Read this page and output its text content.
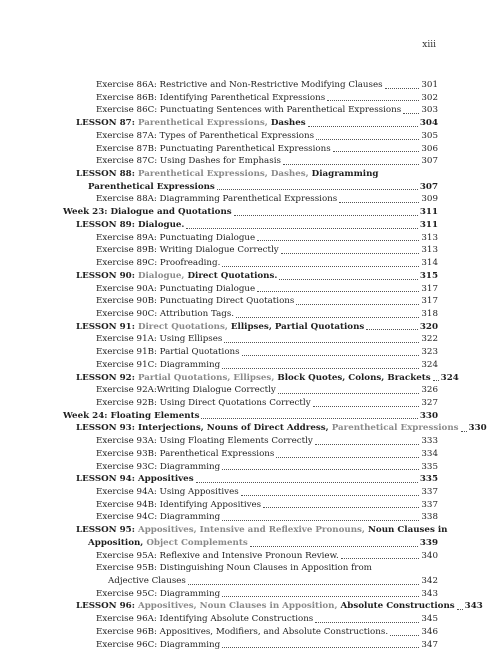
xiii
Exercise 86A: Restrictive and Non-Restrictive Modifying Clauses	301
Exercise 86B: Identifying Parenthetical Expressions	302
Exercise 86C: Punctuating Sentences with Parenthetical Expressions 303
LESSON 87: Parenthetical Expressions, Dashes	304
Exercise 87A: Types of Parenthetical Expressions	305
Exercise 87B: Punctuating Parenthetical Expressions	306
Exercise 87C: Using Dashes for Emphasis	307
LESSON 88: Parenthetical Expressions, Dashes, Diagramming
Parenthetical Expressions	307
Exercise 88A: Diagramming Parenthetical Expressions	309
Week 23: Dialogue and Quotations	311
LESSON 89: Dialogue.	311
Exercise 89A: Punctuating Dialogue	313
Exercise 89B: Writing Dialogue Correctly	313
Exercise 89C: Proofreading.	314
LESSON 90: Dialogue, Direct Quotations.	315
Exercise 90A: Punctuating Dialogue	317
Exercise 90B: Punctuating Direct Quotations	317
Exercise 90C: Attribution Tags.	318
LESSON 91: Direct Quotations, Ellipses, Partial Quotations	320
Exercise 91A: Using Ellipses	322
Exercise 91B: Partial Quotations	323
Exercise 91C: Diagramming	324
LESSON 92: Partial Quotations, Ellipses, Block Quotes, Colons, Brackets 324
Exercise 92A:Writing Dialogue Correctly	326
Exercise 92B: Using Direct Quotations Correctly	327
Week 24: Floating Elements	330
LESSON 93: Interjections, Nouns of Direct Address, Parenthetical Expressions 330
Exercise 93A: Using Floating Elements Correctly	333
Exercise 93B: Parenthetical Expressions	334
Exercise 93C: Diagramming	335
LESSON 94: Appositives	335
Exercise 94A: Using Appositives	337
Exercise 94B: Identifying Appositives	337
Exercise 94C: Diagramming	338
LESSON 95: Appositives, Intensive and Reflexive Pronouns, Noun Clauses in
Apposition, Object Complements	339
Exercise 95A: Reflexive and Intensive Pronoun Review.	340
Exercise 95B: Distinguishing Noun Clauses in Apposition from
Adjective Clauses	342
Exercise 95C: Diagramming	343
LESSON 96: Appositives, Noun Clauses in Apposition, Absolute Constructions 343
Exercise 96A: Identifying Absolute Constructions	345
Exercise 96B: Appositives, Modifiers, and Absolute Constructions.	346
Exercise 96C: Diagramming	347
